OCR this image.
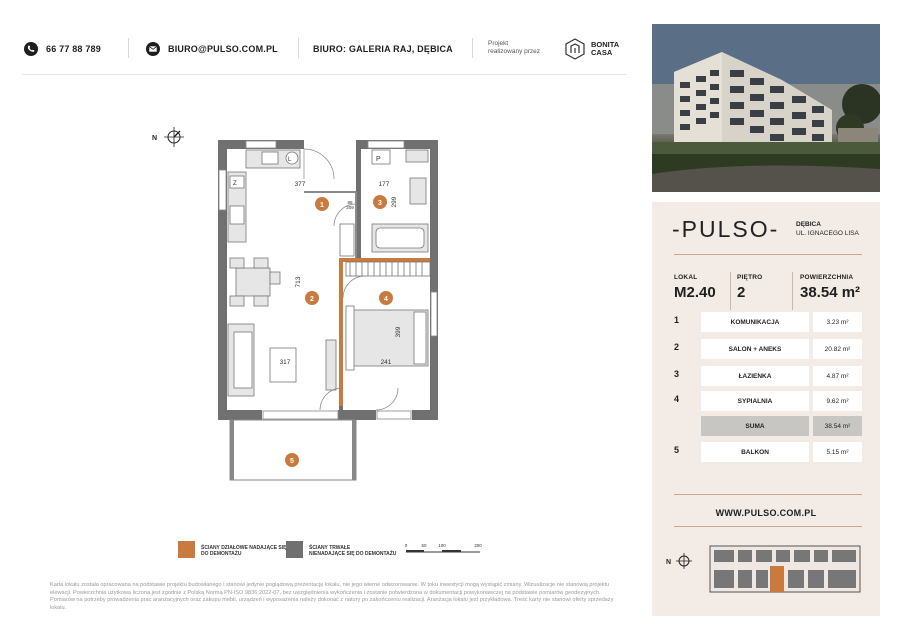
66 77 88 789	BIURO@PULSO.COM.PL	BIURO: GALERIA RAJ, DĘBICA
Projekt
realizowany przez
BONITA
CASA
-PULSO-	DĘBICA
UL. IGNACEGO LISA
LOKAL
M2.40
PIĘTRO
2
POWIERZCHNIA
38.54 m²
1	KOMUNIKACJA	3.23 m²
2	SALON + ANEKS	20.82 m²
3	ŁAZIENKA	4.87 m²
4	SYPIALNIA	9.62 m²
SUMA	38.54 m²
5	BALKON	5.15 m²
WWW.PULSO.COM.PL
N
N
L
Z
P
377	177
299
713
317
399
241
88
209
1
2
3
4
5
ŚCIANY DZIAŁOWE NADAJĄCE SIĘ
DO DEMONTAŻU
ŚCIANY TRWAŁE
NIENADAJĄCE SIĘ DO DEMONTAŻU
0	50	100	200
Karta lokalu została opracowana na podstawie projektu budowlanego i stanowi jedynie poglądową prezentację lokalu, nie jego wierne odwzorowanie. W toku inwestycji mogą wystąpić zmiany. Wizualizacje nie stanowią projektu elewacji. Powierzchnia użytkowa liczona jest zgodnie z Polską Normą PN-ISO 9836:2022-07, bez uwzględnienia wykończenia i zostanie potwierdzona w dokumentacji powykonawczej na podstawie pomiarów geodezyjnych. Pomiarów na potrzeby prowadzenia prac aranżacyjnych oraz zakupu mebli, urządzeń i wyposażenia należy dokonać z natury po zakończeniu realizacji. Aranżacja lokalu jest przykładowa. Treść karty nie stanowi oferty sprzedaży lokalu.
